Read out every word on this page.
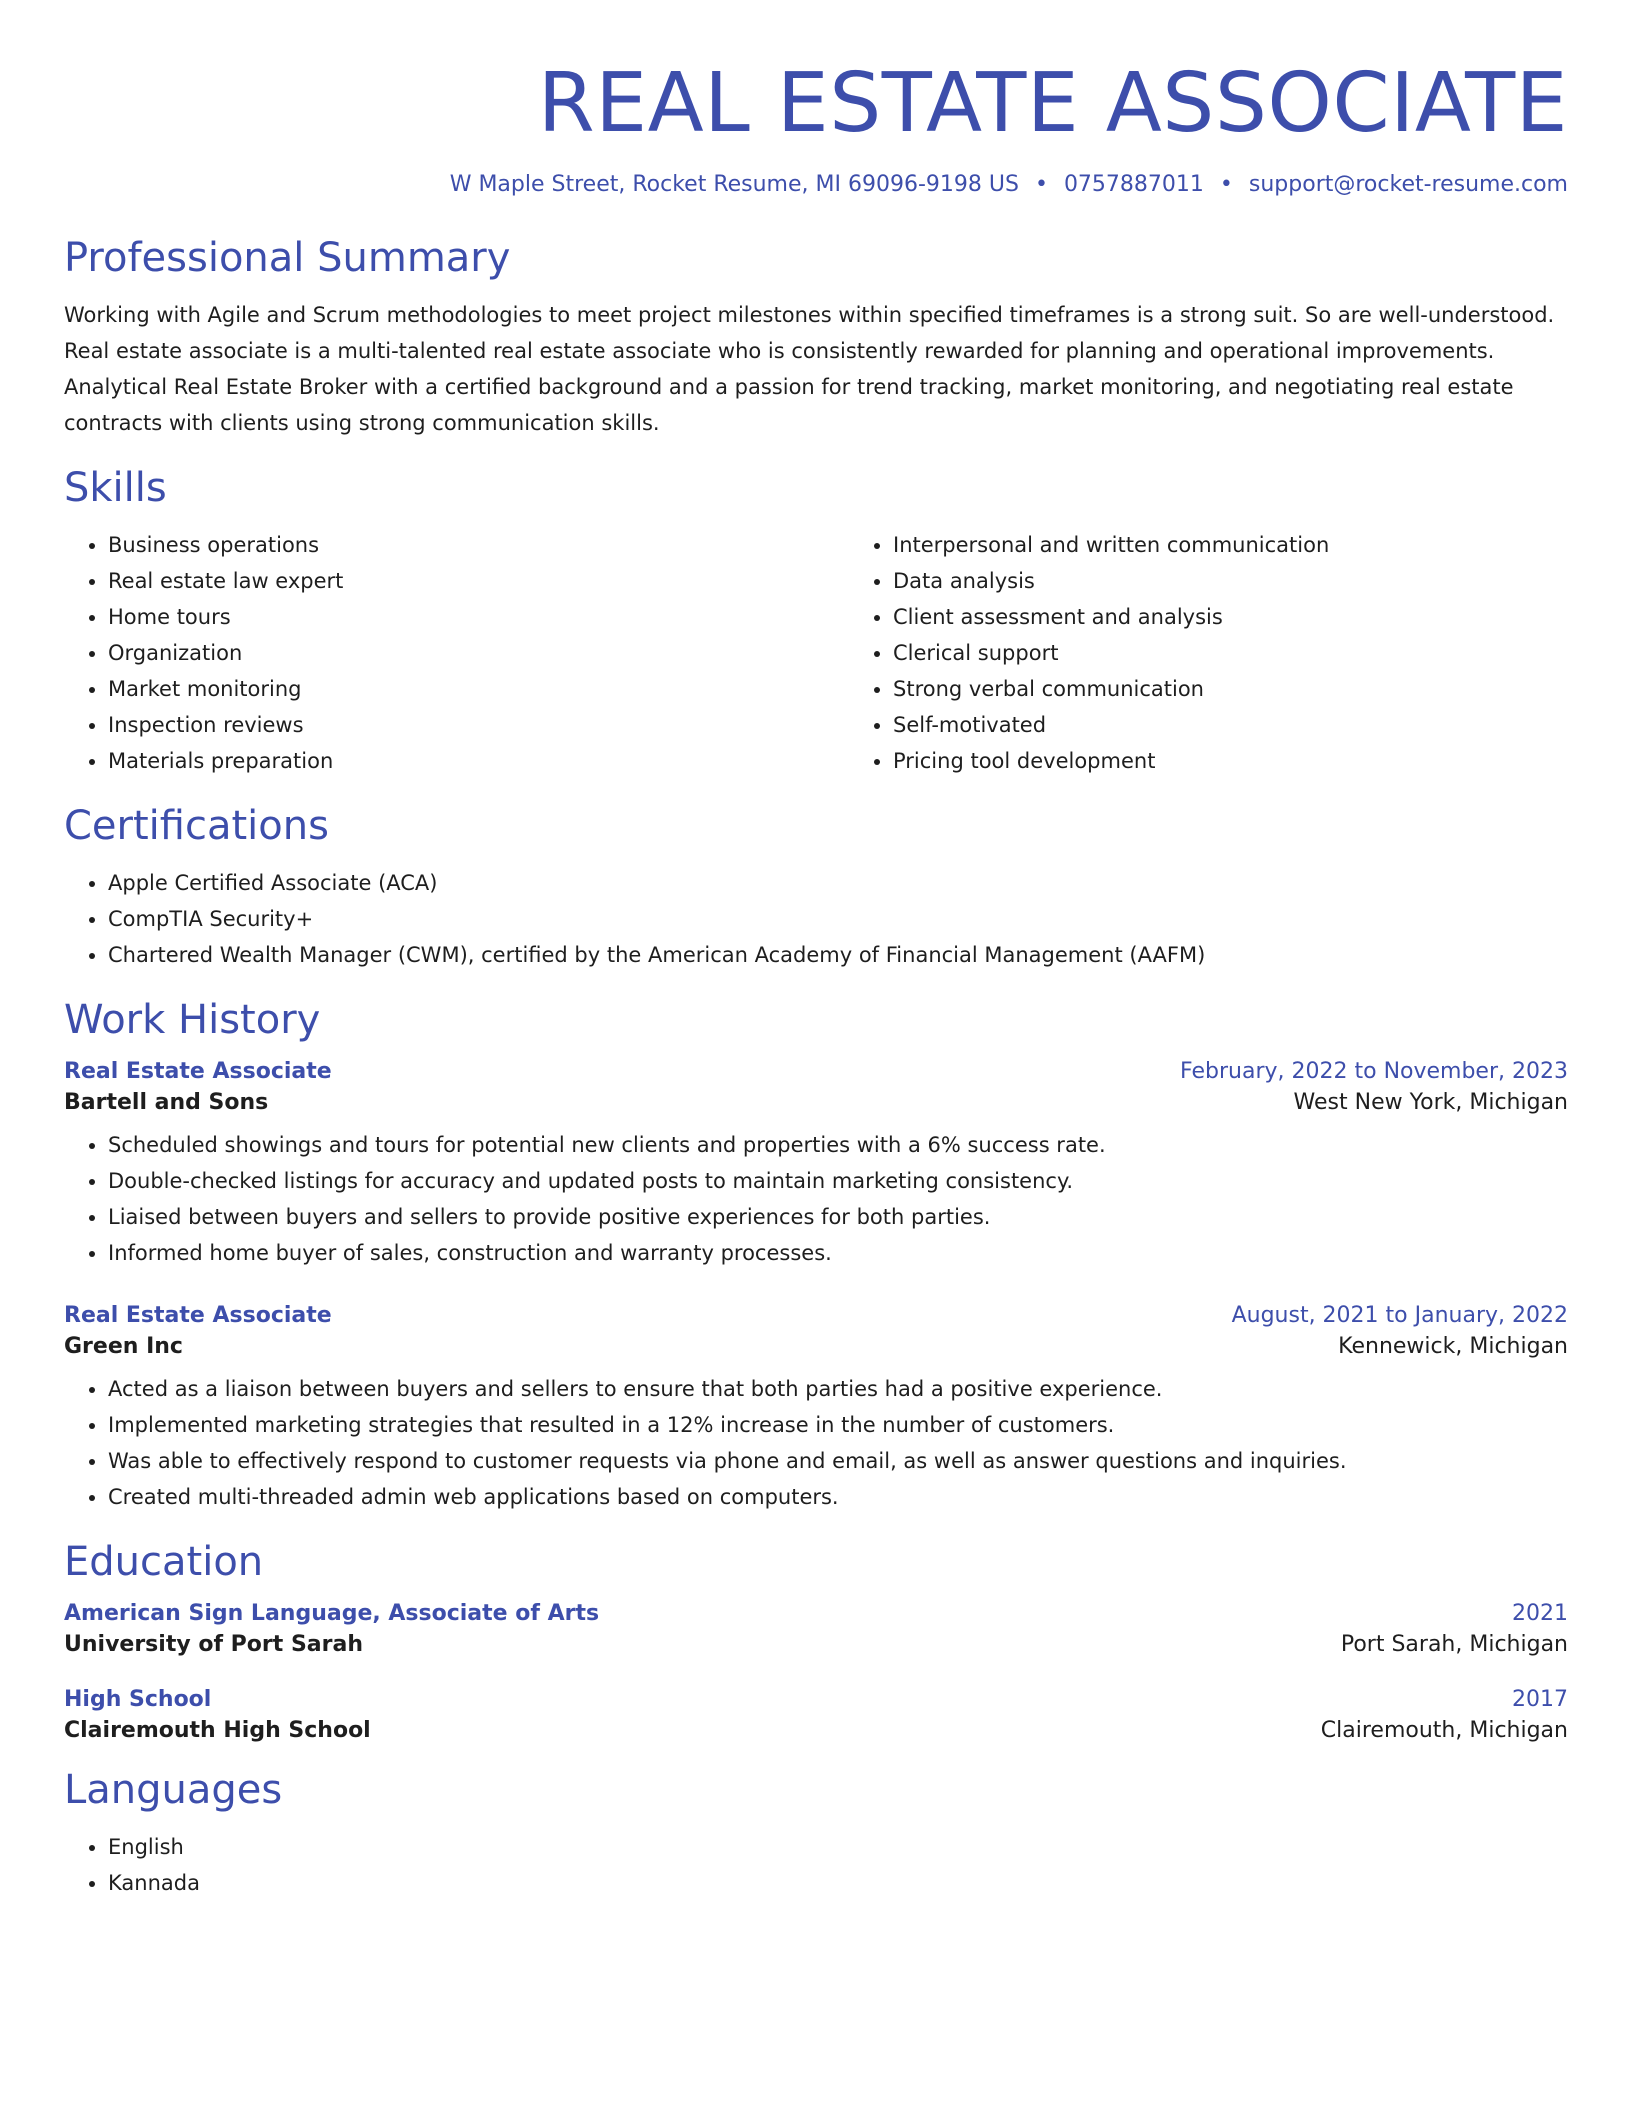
REAL ESTATE ASSOCIATE
W Maple Street, Rocket Resume, MI 69096-9198 US • 0757887011 • support@rocket-resume.com
Professional Summary

Working with Agile and Scrum methodologies to meet project milestones within specified timeframes is a strong suit. So are well-understood. Real estate associate is a multi-talented real estate associate who is consistently rewarded for planning and operational improvements. Analytical Real Estate Broker with a certified background and a passion for trend tracking, market monitoring, and negotiating real estate contracts with clients using strong communication skills.

Skills
• Business operations
• Real estate law expert
• Home tours
• Organization
• Market monitoring
• Inspection reviews
• Materials preparation
• Interpersonal and written communication
• Data analysis
• Client assessment and analysis
• Clerical support
• Strong verbal communication
• Self-motivated
• Pricing tool development
Certifications
• Apple Certified Associate (ACA)
• CompTIA Security+
• Chartered Wealth Manager (CWM), certified by the American Academy of Financial Management (AAFM)
Work History
Real Estate Associate	February, 2022 to November, 2023
Bartell and Sons	West New York, Michigan
• Scheduled showings and tours for potential new clients and properties with a 6% success rate.
• Double-checked listings for accuracy and updated posts to maintain marketing consistency.
• Liaised between buyers and sellers to provide positive experiences for both parties.
• Informed home buyer of sales, construction and warranty processes.
Real Estate Associate	August, 2021 to January, 2022
Green Inc	Kennewick, Michigan
• Acted as a liaison between buyers and sellers to ensure that both parties had a positive experience.
• Implemented marketing strategies that resulted in a 12% increase in the number of customers.
• Was able to effectively respond to customer requests via phone and email, as well as answer questions and inquiries.
• Created multi-threaded admin web applications based on computers.
Education
American Sign Language, Associate of Arts	2021
University of Port Sarah	Port Sarah, Michigan
High School	2017
Clairemouth High School	Clairemouth, Michigan
Languages
• English
• Kannada
